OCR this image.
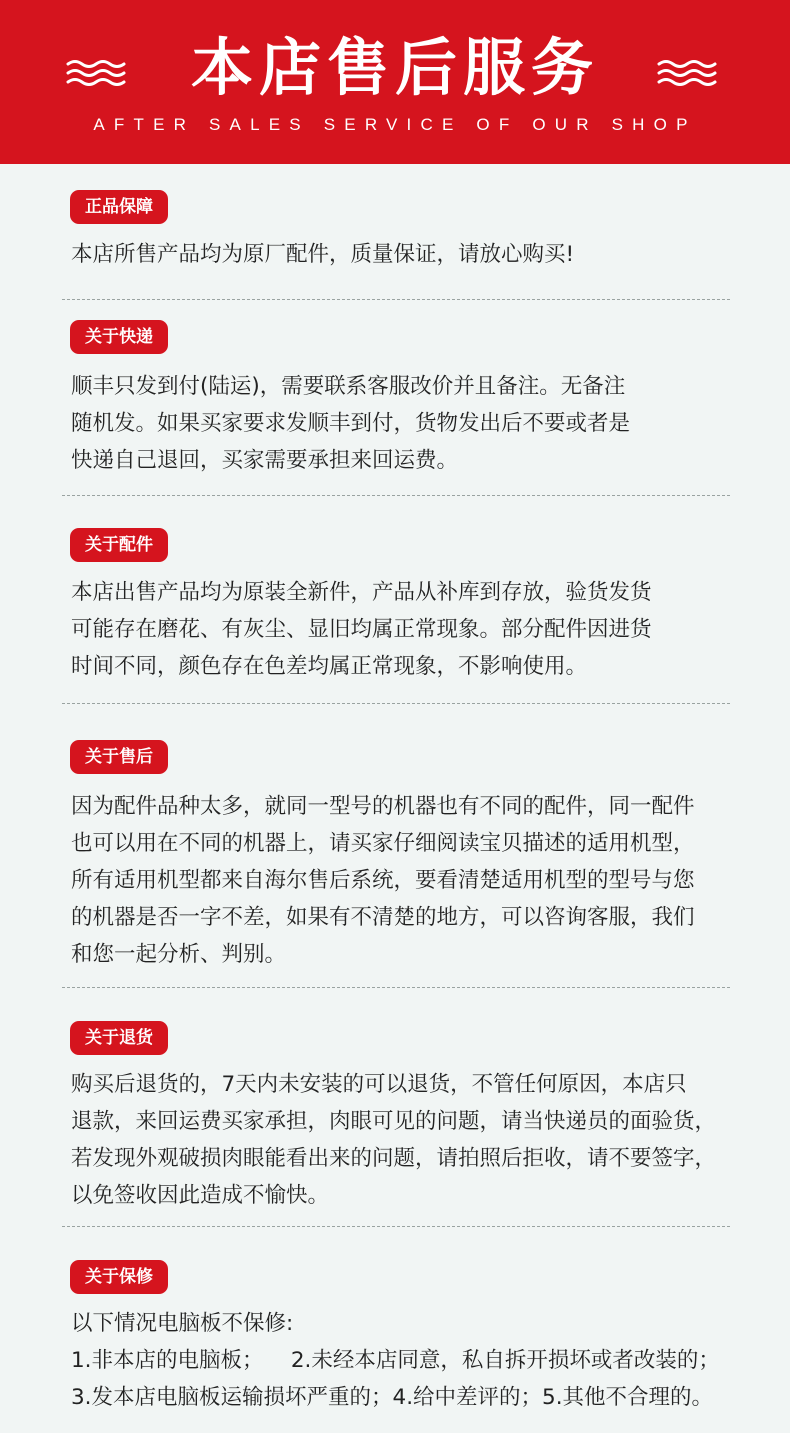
本店售后服务
AFTER SALES SERVICE OF OUR SHOP
正品保障
本店所售产品均为原厂配件，质量保证，请放心购买!
关于快递
顺丰只发到付(陆运)，需要联系客服改价并且备注。无备注
随机发。如果买家要求发顺丰到付，货物发出后不要或者是
快递自己退回，买家需要承担来回运费。
关于配件
本店出售产品均为原装全新件，产品从补库到存放，验货发货
可能存在磨花、有灰尘、显旧均属正常现象。部分配件因进货
时间不同，颜色存在色差均属正常现象，不影响使用。
关于售后
因为配件品种太多，就同一型号的机器也有不同的配件，同一配件
也可以用在不同的机器上，请买家仔细阅读宝贝描述的适用机型，
所有适用机型都来自海尔售后系统，要看清楚适用机型的型号与您
的机器是否一字不差，如果有不清楚的地方，可以咨询客服，我们
和您一起分析、判别。
关于退货
购买后退货的，7天内未安装的可以退货，不管任何原因，本店只
退款，来回运费买家承担，肉眼可见的问题，请当快递员的面验货，
若发现外观破损肉眼能看出来的问题，请拍照后拒收，请不要签字，
以免签收因此造成不愉快。
关于保修
以下情况电脑板不保修:
1.非本店的电脑板；    2.未经本店同意，私自拆开损坏或者改装的；
3.发本店电脑板运输损坏严重的；4.给中差评的；5.其他不合理的。
